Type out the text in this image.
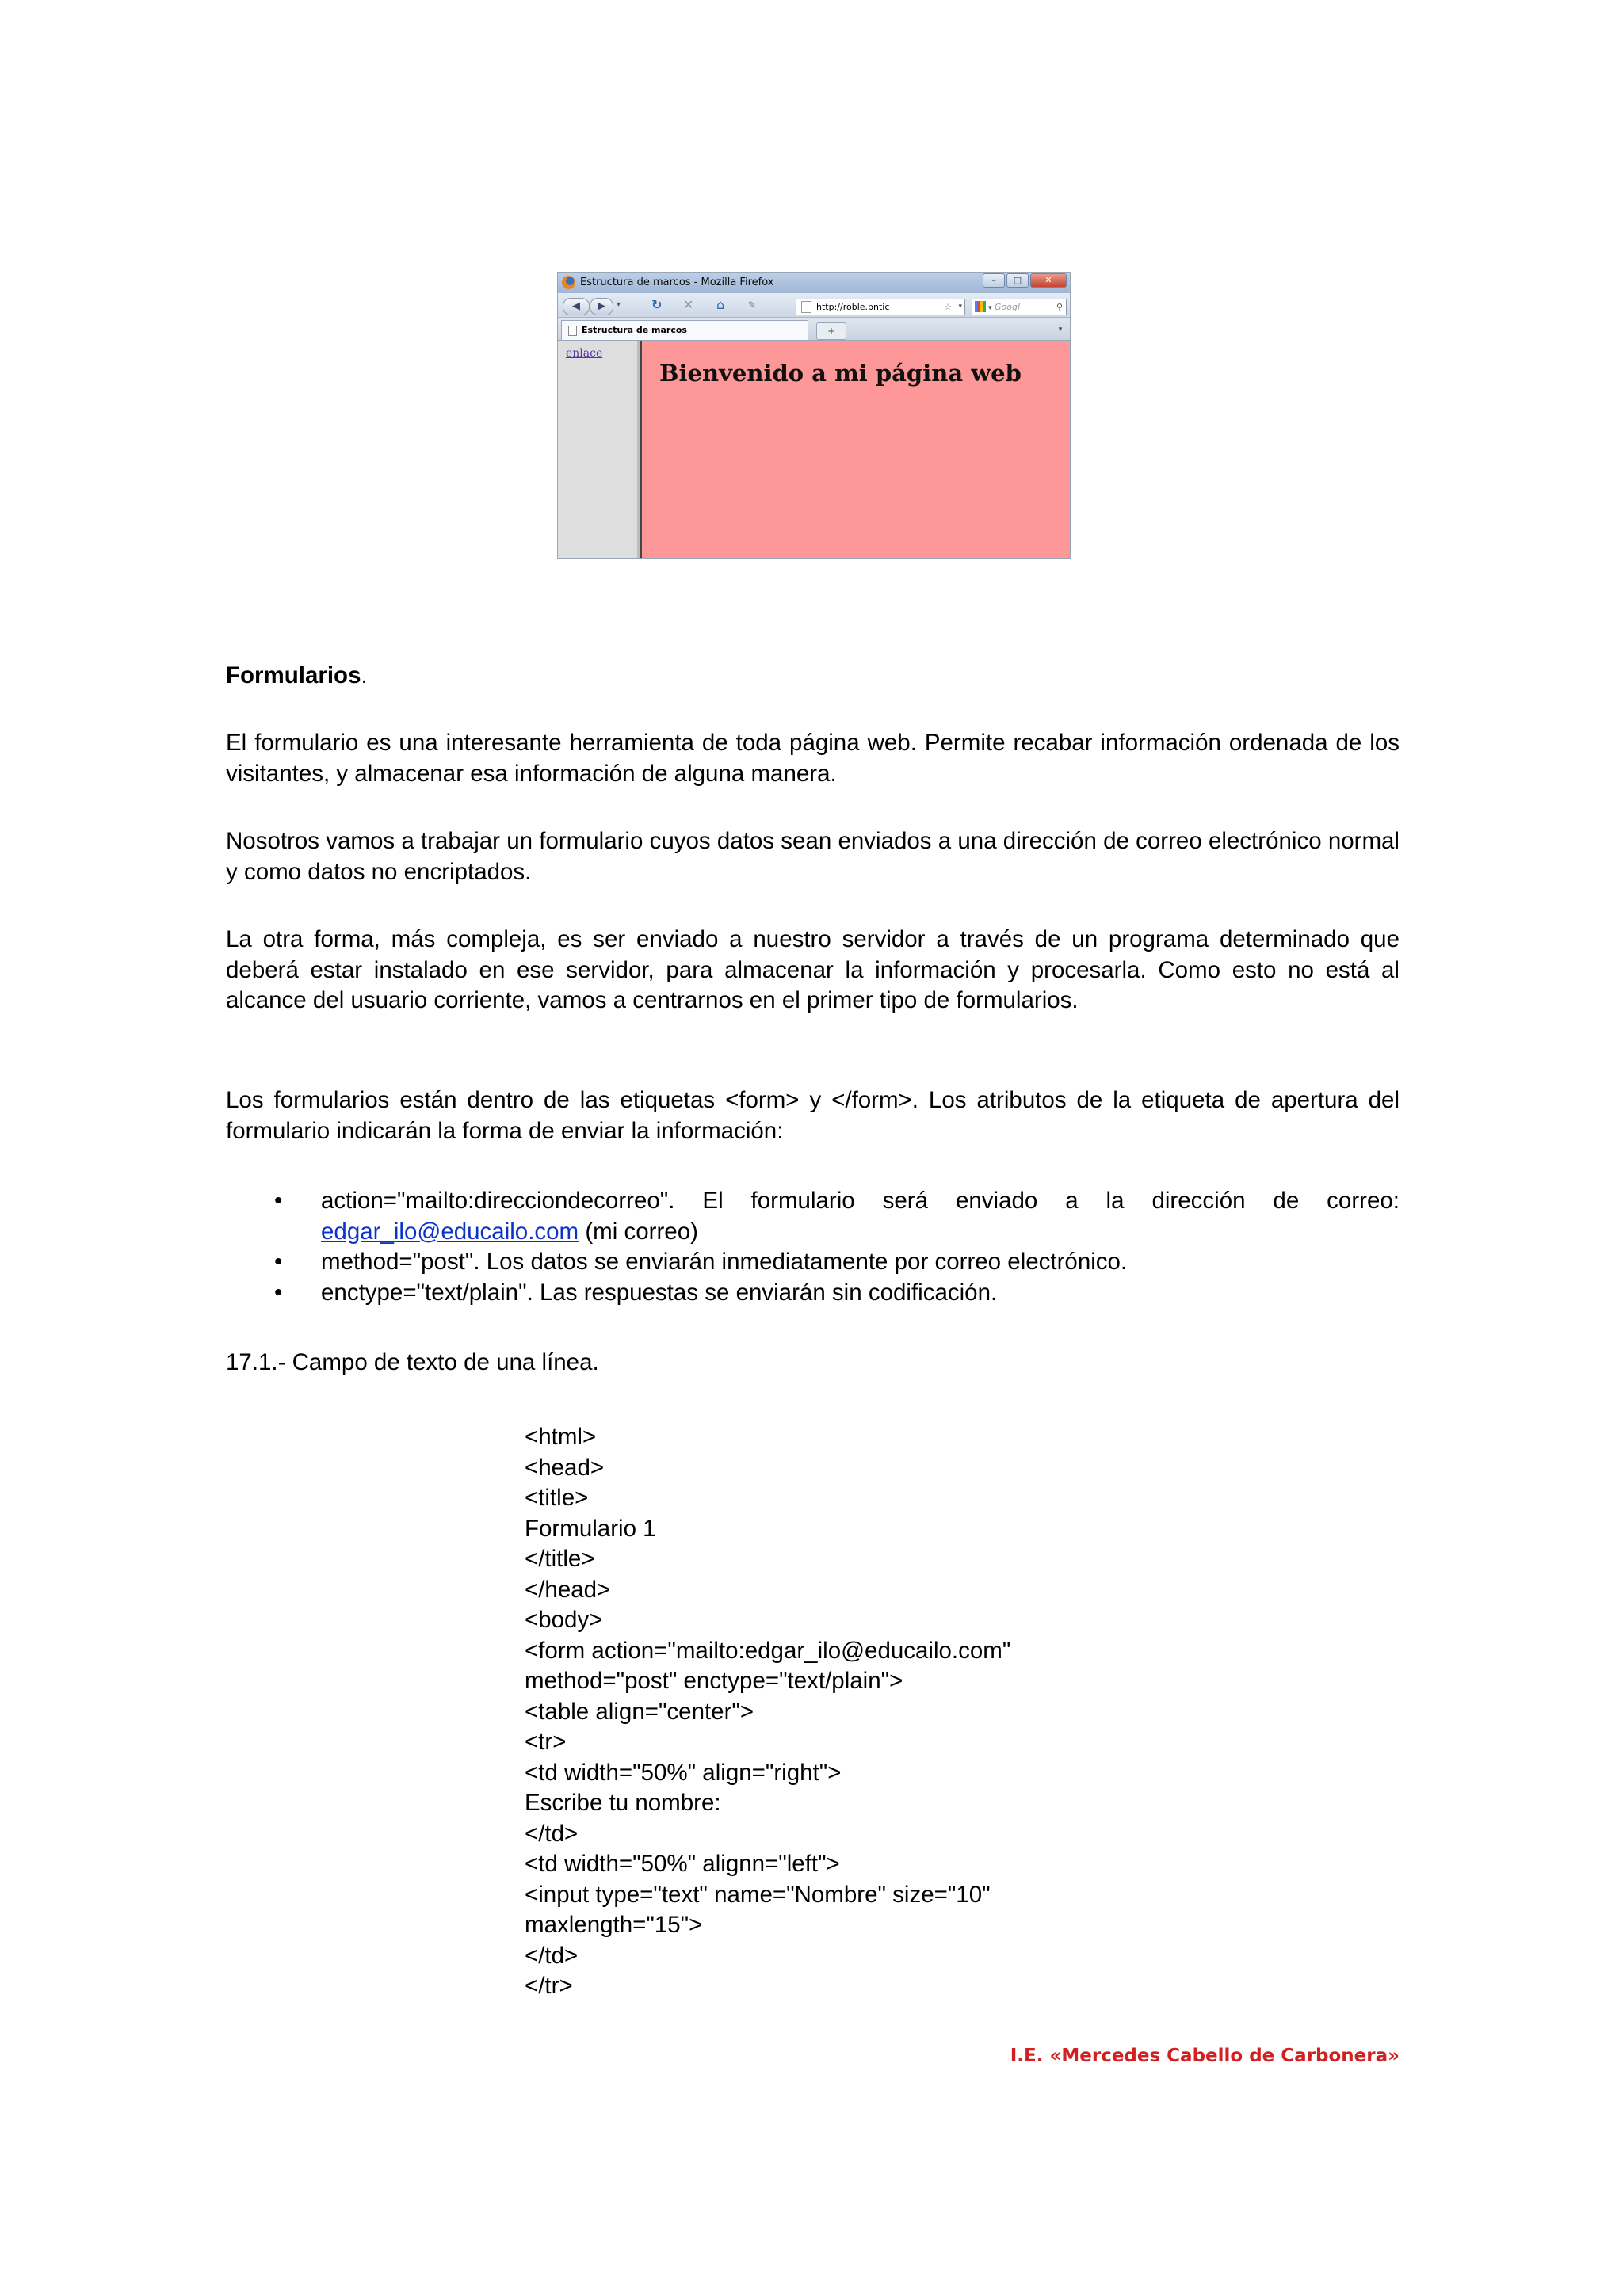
Estructura de marcos - Mozilla Firefox	–	□	✕
◀	▶	▾ ↻ ✕ ⌂ ✎	http://roble.pntic	☆ ▾	▾ Googl	⚲
Estructura de marcos	+	▾
enlace
Bienvenido a mi página web
Formularios.
El formulario es una interesante herramienta de toda página web. Permite recabar información ordenada de los visitantes, y almacenar esa información de alguna manera.
Nosotros vamos a trabajar un formulario cuyos datos sean enviados a una dirección de correo electrónico normal y como datos no encriptados.
La otra forma, más compleja, es ser enviado a nuestro servidor a través de un programa determinado que deberá estar instalado en ese servidor, para almacenar la información y procesarla. Como esto no está al alcance del usuario corriente, vamos a centrarnos en el primer tipo de formularios.
Los formularios están dentro de las etiquetas <form> y </form>. Los atributos de la etiqueta de apertura del formulario indicarán la forma de enviar la información:
• action="mailto:direcciondecorreo". El formulario será enviado a la dirección de correo: edgar_ilo@educailo.com (mi correo)
• method="post". Los datos se enviarán inmediatamente por correo electrónico.
• enctype="text/plain". Las respuestas se enviarán sin codificación.
17.1.- Campo de texto de una línea.
<html>
<head>
<title>
Formulario 1
</title>
</head>
<body>
<form action="mailto:edgar_ilo@educailo.com"
method="post" enctype="text/plain">
<table align="center">
<tr>
<td width="50%" align="right">
Escribe tu nombre:
</td>
<td width="50%" alignn="left">
<input type="text" name="Nombre" size="10"
maxlength="15">
</td>
</tr>
I.E. «Mercedes Cabello de Carbonera»
